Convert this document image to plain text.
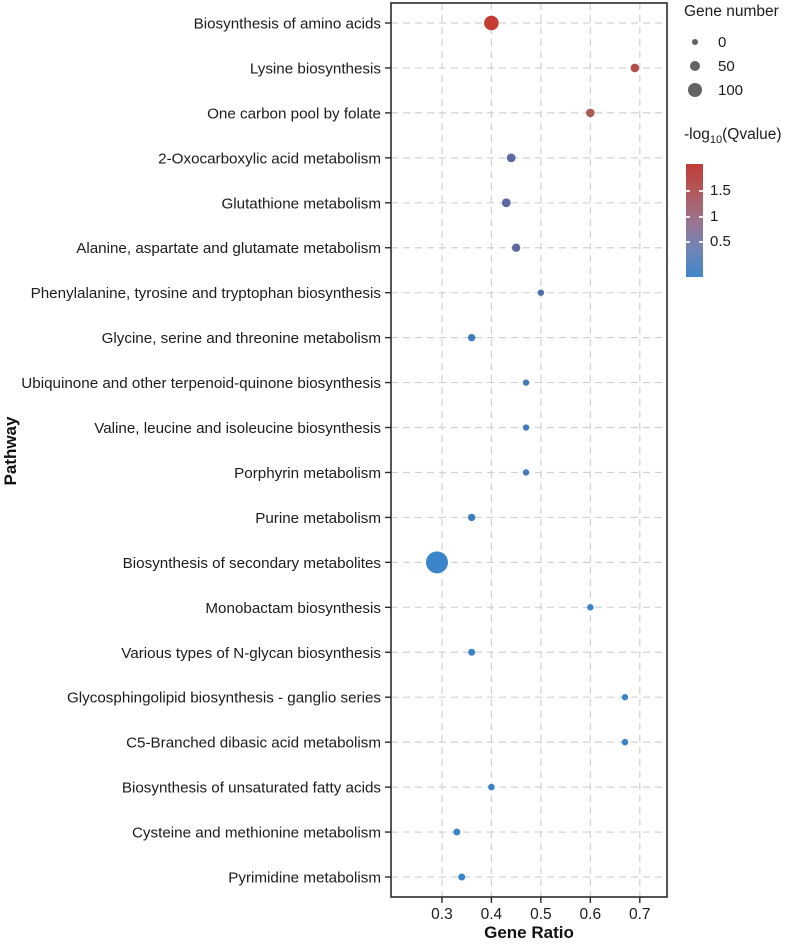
Biosynthesis of amino acids
Lysine biosynthesis
One carbon pool by folate
2-Oxocarboxylic acid metabolism
Glutathione metabolism
Alanine, aspartate and glutamate metabolism
Phenylalanine, tyrosine and tryptophan biosynthesis
Glycine, serine and threonine metabolism
Ubiquinone and other terpenoid-quinone biosynthesis
Valine, leucine and isoleucine biosynthesis
Porphyrin metabolism
Purine metabolism
Biosynthesis of secondary metabolites
Monobactam biosynthesis
Various types of N-glycan biosynthesis
Glycosphingolipid biosynthesis - ganglio series
C5-Branched dibasic acid metabolism
Biosynthesis of unsaturated fatty acids
Cysteine and methionine metabolism
Pyrimidine metabolism
0.3 0.4 0.5 0.6 0.7
Gene Ratio
Pathway
Gene number
0
50
100
$-\log_{10}(Qvalue)$
1.5
1
0.5
